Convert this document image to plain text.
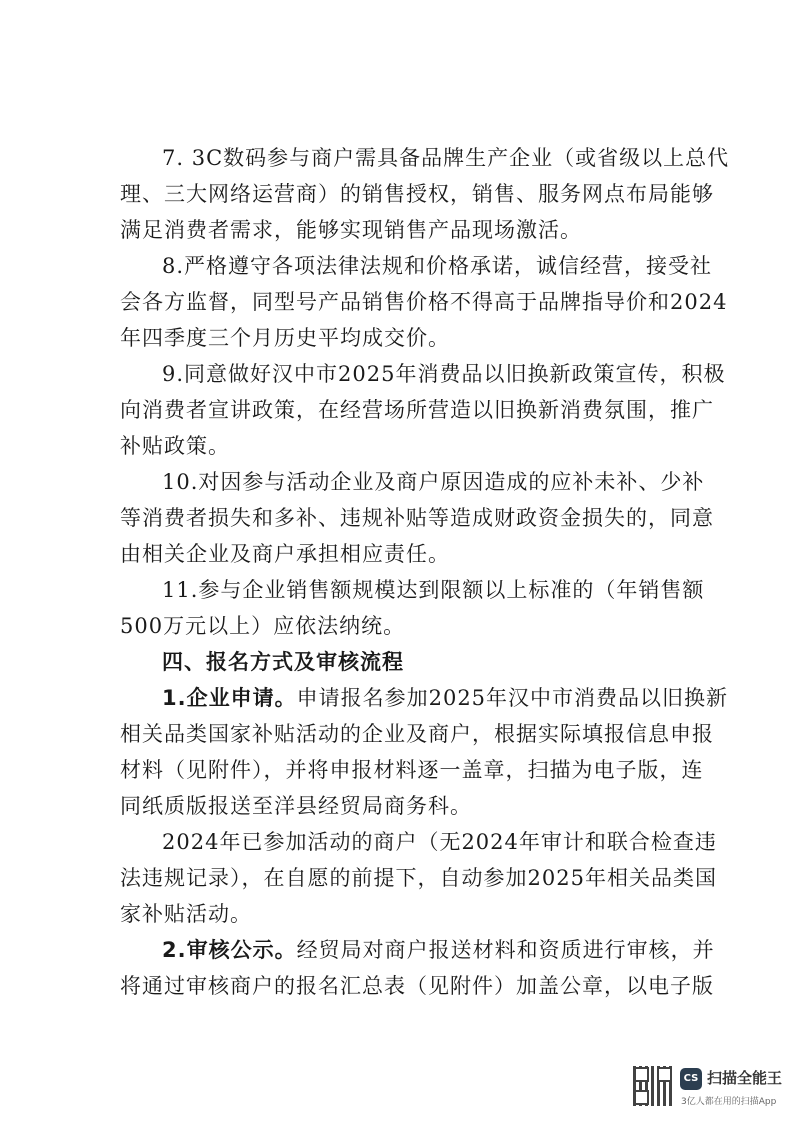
7. 3C数码参与商户需具备品牌生产企业（或省级以上总代
理、三大网络运营商）的销售授权，销售、服务网点布局能够
满足消费者需求，能够实现销售产品现场激活。
8.严格遵守各项法律法规和价格承诺，诚信经营，接受社
会各方监督，同型号产品销售价格不得高于品牌指导价和2024
年四季度三个月历史平均成交价。
9.同意做好汉中市2025年消费品以旧换新政策宣传，积极
向消费者宣讲政策，在经营场所营造以旧换新消费氛围，推广
补贴政策。
10.对因参与活动企业及商户原因造成的应补未补、少补
等消费者损失和多补、违规补贴等造成财政资金损失的，同意
由相关企业及商户承担相应责任。
11.参与企业销售额规模达到限额以上标准的（年销售额
500万元以上）应依法纳统。
四、报名方式及审核流程
1.企业申请。申请报名参加2025年汉中市消费品以旧换新
相关品类国家补贴活动的企业及商户，根据实际填报信息申报
材料（见附件），并将申报材料逐一盖章，扫描为电子版，连
同纸质版报送至洋县经贸局商务科。
2024年已参加活动的商户（无2024年审计和联合检查违
法违规记录），在自愿的前提下，自动参加2025年相关品类国
家补贴活动。
2.审核公示。经贸局对商户报送材料和资质进行审核，并
将通过审核商户的报名汇总表（见附件）加盖公章，以电子版
CS 扫描全能王
3亿人都在用的扫描App
